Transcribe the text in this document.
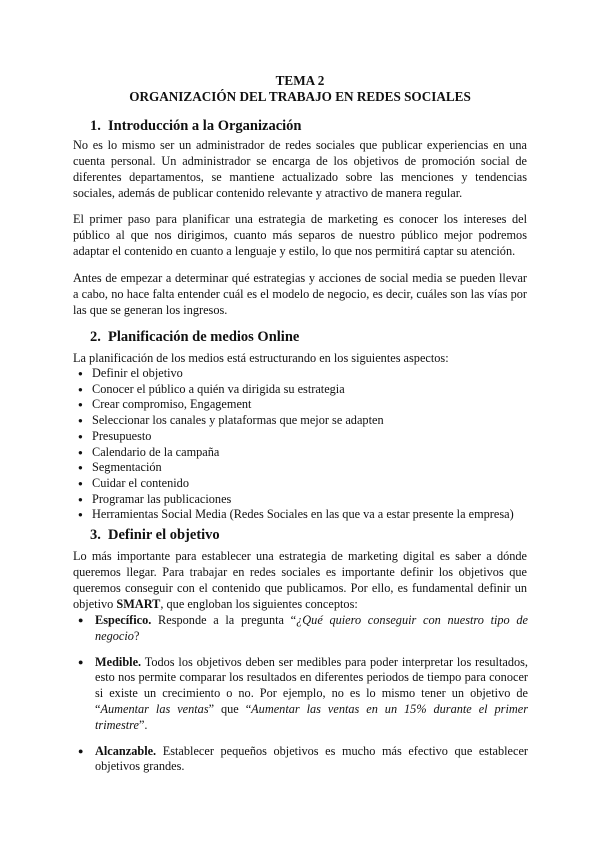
TEMA 2
ORGANIZACIÓN DEL TRABAJO EN REDES SOCIALES
1. Introducción a la Organización

No es lo mismo ser un administrador de redes sociales que publicar experiencias en una cuenta personal. Un administrador se encarga de los objetivos de promoción social de diferentes departamentos, se mantiene actualizado sobre las menciones y tendencias sociales, además de publicar contenido relevante y atractivo de manera regular.

El primer paso para planificar una estrategia de marketing es conocer los intereses del público al que nos dirigimos, cuanto más separos de nuestro público mejor podremos adaptar el contenido en cuanto a lenguaje y estilo, lo que nos permitirá captar su atención.

Antes de empezar a determinar qué estrategias y acciones de social media se pueden llevar a cabo, no hace falta entender cuál es el modelo de negocio, es decir, cuáles son las vías por las que se generan los ingresos.

2. Planificación de medios Online

La planificación de los medios está estructurando en los siguientes aspectos:

● Definir el objetivo
● Conocer el público a quién va dirigida su estrategia
● Crear compromiso, Engagement
● Seleccionar los canales y plataformas que mejor se adapten
● Presupuesto
● Calendario de la campaña
● Segmentación
● Cuidar el contenido
● Programar las publicaciones
● Herramientas Social Media (Redes Sociales en las que va a estar presente la empresa)
3. Definir el objetivo

Lo más importante para establecer una estrategia de marketing digital es saber a dónde queremos llegar. Para trabajar en redes sociales es importante definir los objetivos que queremos conseguir con el contenido que publicamos. Por ello, es fundamental definir un objetivo SMART, que engloban los siguientes conceptos:

● Específico. Responde a la pregunta “¿Qué quiero conseguir con nuestro tipo de negocio?
● Medible. Todos los objetivos deben ser medibles para poder interpretar los resultados, esto nos permite comparar los resultados en diferentes periodos de tiempo para conocer si existe un crecimiento o no. Por ejemplo, no es lo mismo tener un objetivo de “Aumentar las ventas” que “Aumentar las ventas en un 15% durante el primer trimestre”.
● Alcanzable. Establecer pequeños objetivos es mucho más efectivo que establecer objetivos grandes.
